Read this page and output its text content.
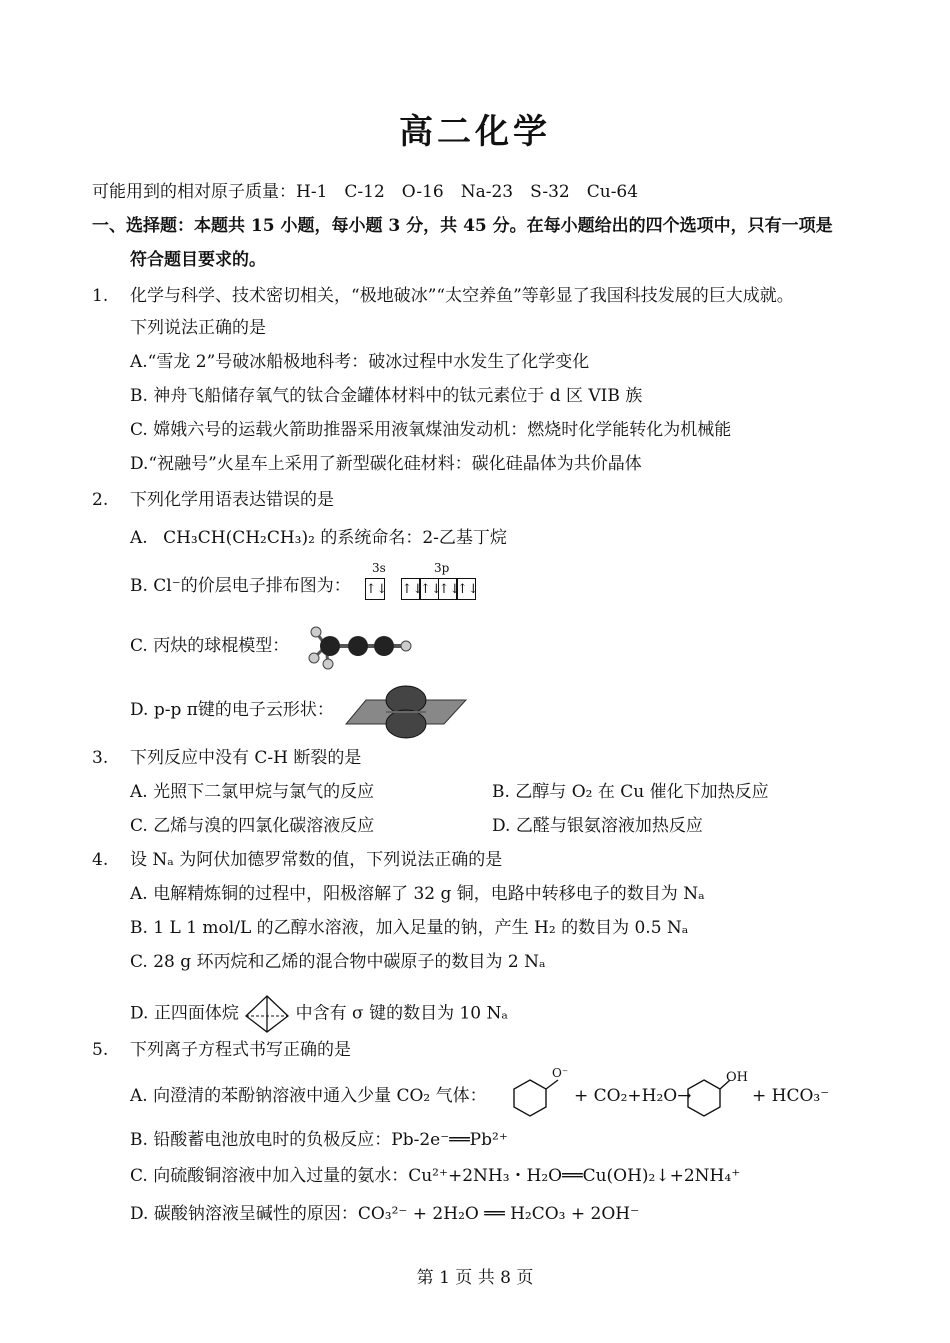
高二化学
可能用到的相对原子质量：H-1　C-12　O-16　Na-23　S-32　Cu-64
一、选择题：本题共 15 小题，每小题 3 分，共 45 分。在每小题给出的四个选项中，只有一项是
符合题目要求的。
1. 化学与科学、技术密切相关，“极地破冰”“太空养鱼”等彰显了我国科技发展的巨大成就。
下列说法正确的是
A.“雪龙 2”号破冰船极地科考：破冰过程中水发生了化学变化
B. 神舟飞船储存氧气的钛合金罐体材料中的钛元素位于 d 区 VIB 族
C. 嫦娥六号的运载火箭助推器采用液氧煤油发动机：燃烧时化学能转化为机械能
D.“祝融号”火星车上采用了新型碳化硅材料：碳化硅晶体为共价晶体
2. 下列化学用语表达错误的是
A. CH₃CH(CH₂CH₃)₂ 的系统命名：2-乙基丁烷
B. Cl⁻的价层电子排布图为：
3s	3p
↑↓ ↑↓↑↓↑↓↑↓
C. 丙炔的球棍模型：
D. p-p π键的电子云形状：
3. 下列反应中没有 C-H 断裂的是
A. 光照下二氯甲烷与氯气的反应	B. 乙醇与 O₂ 在 Cu 催化下加热反应
C. 乙烯与溴的四氯化碳溶液反应	D. 乙醛与银氨溶液加热反应
4. 设 Nₐ 为阿伏加德罗常数的值，下列说法正确的是
A. 电解精炼铜的过程中，阳极溶解了 32 g 铜，电路中转移电子的数目为 Nₐ
B. 1 L 1 mol/L 的乙醇水溶液，加入足量的钠，产生 H₂ 的数目为 0.5 Nₐ
C. 28 g 环丙烷和乙烯的混合物中碳原子的数目为 2 Nₐ
D. 正四面体烷	中含有 σ 键的数目为 10 Nₐ
5. 下列离子方程式书写正确的是
A. 向澄清的苯酚钠溶液中通入少量 CO₂ 气体：
O⁻
+ CO₂+H₂O→
OH
+ HCO₃⁻
B. 铅酸蓄电池放电时的负极反应：Pb-2e⁻══Pb²⁺
C. 向硫酸铜溶液中加入过量的氨水：Cu²⁺+2NH₃・H₂O══Cu(OH)₂↓+2NH₄⁺
D. 碳酸钠溶液呈碱性的原因：CO₃²⁻ + 2H₂O ══ H₂CO₃ + 2OH⁻
第 1 页 共 8 页
